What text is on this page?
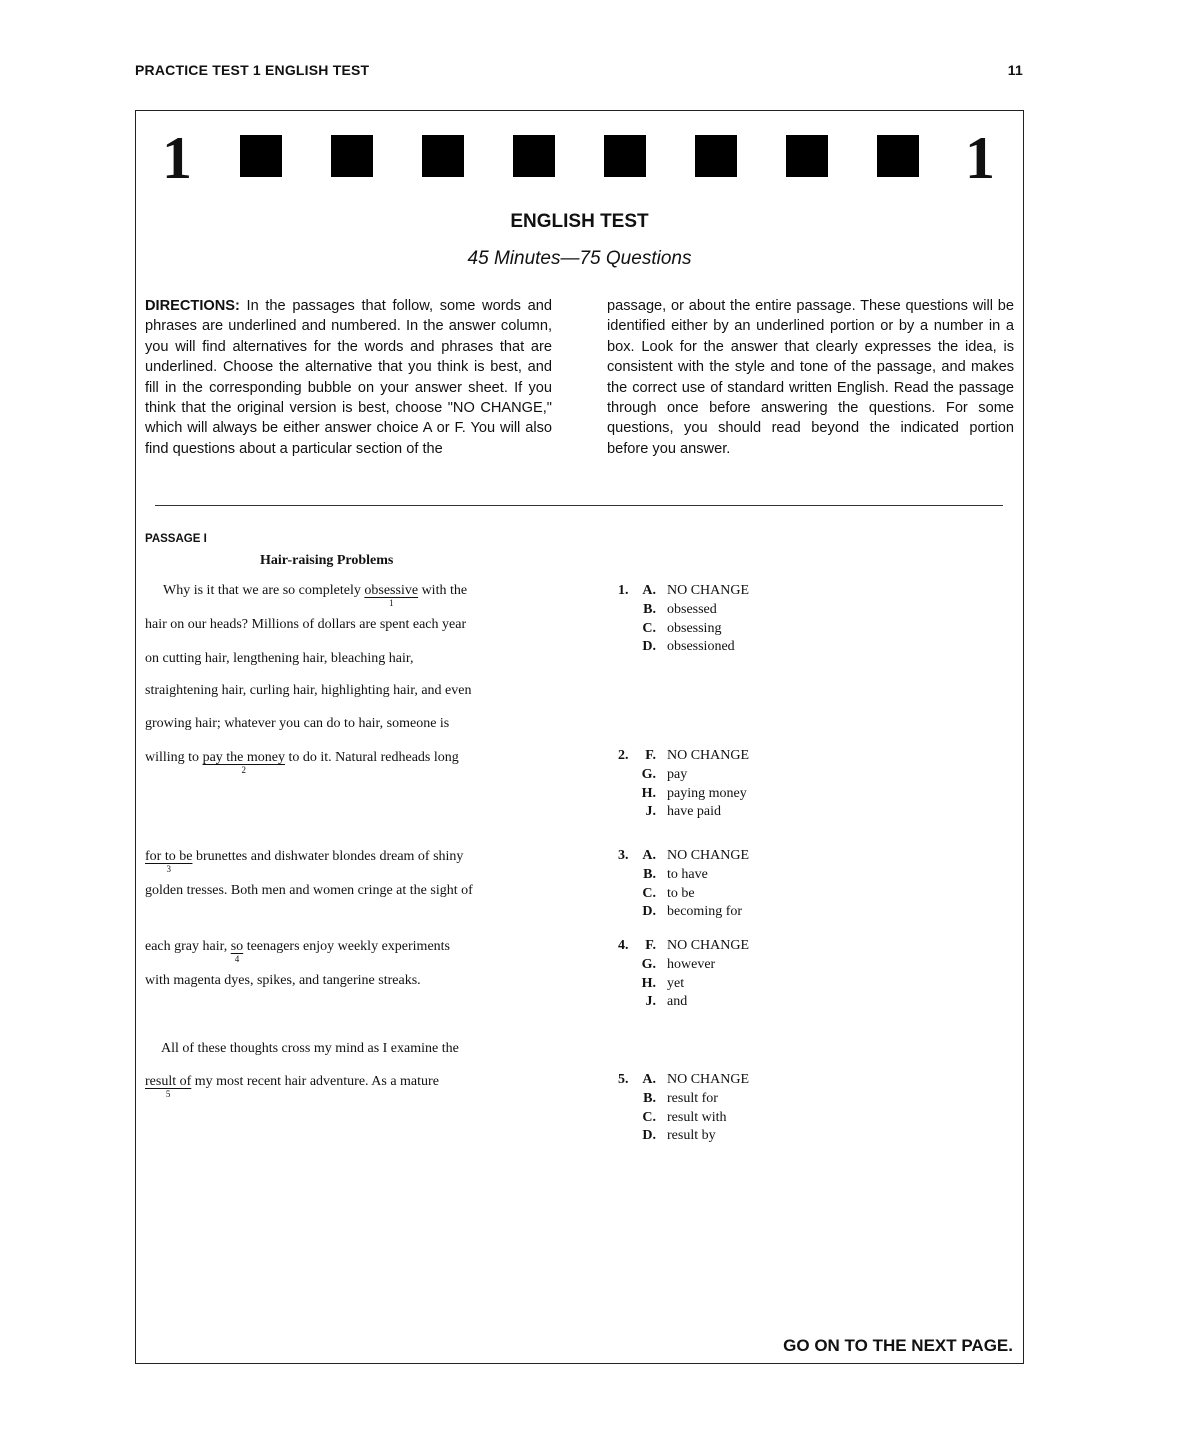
PRACTICE TEST 1 ENGLISH TEST	11
1	1
ENGLISH TEST
45 Minutes—75 Questions
DIRECTIONS: In the passages that follow, some words and phrases are underlined and numbered. In the answer column, you will find alternatives for the words and phrases that are underlined. Choose the alternative that you think is best, and fill in the corresponding bubble on your answer sheet. If you think that the original version is best, choose "NO CHANGE," which will always be either answer choice A or F. You will also find questions about a particular section of the
passage, or about the entire passage. These questions will be identified either by an underlined portion or by a number in a box. Look for the answer that clearly expresses the idea, is consistent with the style and tone of the passage, and makes the correct use of standard written English. Read the passage through once before answering the questions. For some questions, you should read beyond the indicated portion before you answer.
PASSAGE I
Hair-raising Problems
Why is it that we are so completely obsessive
1
with the
hair on our heads? Millions of dollars are spent each year
on cutting hair, lengthening hair, bleaching hair,
straightening hair, curling hair, highlighting hair, and even
growing hair; whatever you can do to hair, someone is
willing to pay the money
2
to do it. Natural redheads long
for to be
3
brunettes and dishwater blondes dream of shiny
golden tresses. Both men and women cringe at the sight of
each gray hair, so
4
teenagers enjoy weekly experiments
with magenta dyes, spikes, and tangerine streaks.
All of these thoughts cross my mind as I examine the
result of
5
my most recent hair adventure. As a mature
1. A. NO CHANGE
B. obsessed
C. obsessing
D. obsessioned
2.	F. NO CHANGE
G. pay
H. paying money
J. have paid
3. A. NO CHANGE
B. to have
C. to be
D. becoming for
4.	F. NO CHANGE
G. however
H. yet
J. and
5. A. NO CHANGE
B. result for
C. result with
D. result by
GO ON TO THE NEXT PAGE.
